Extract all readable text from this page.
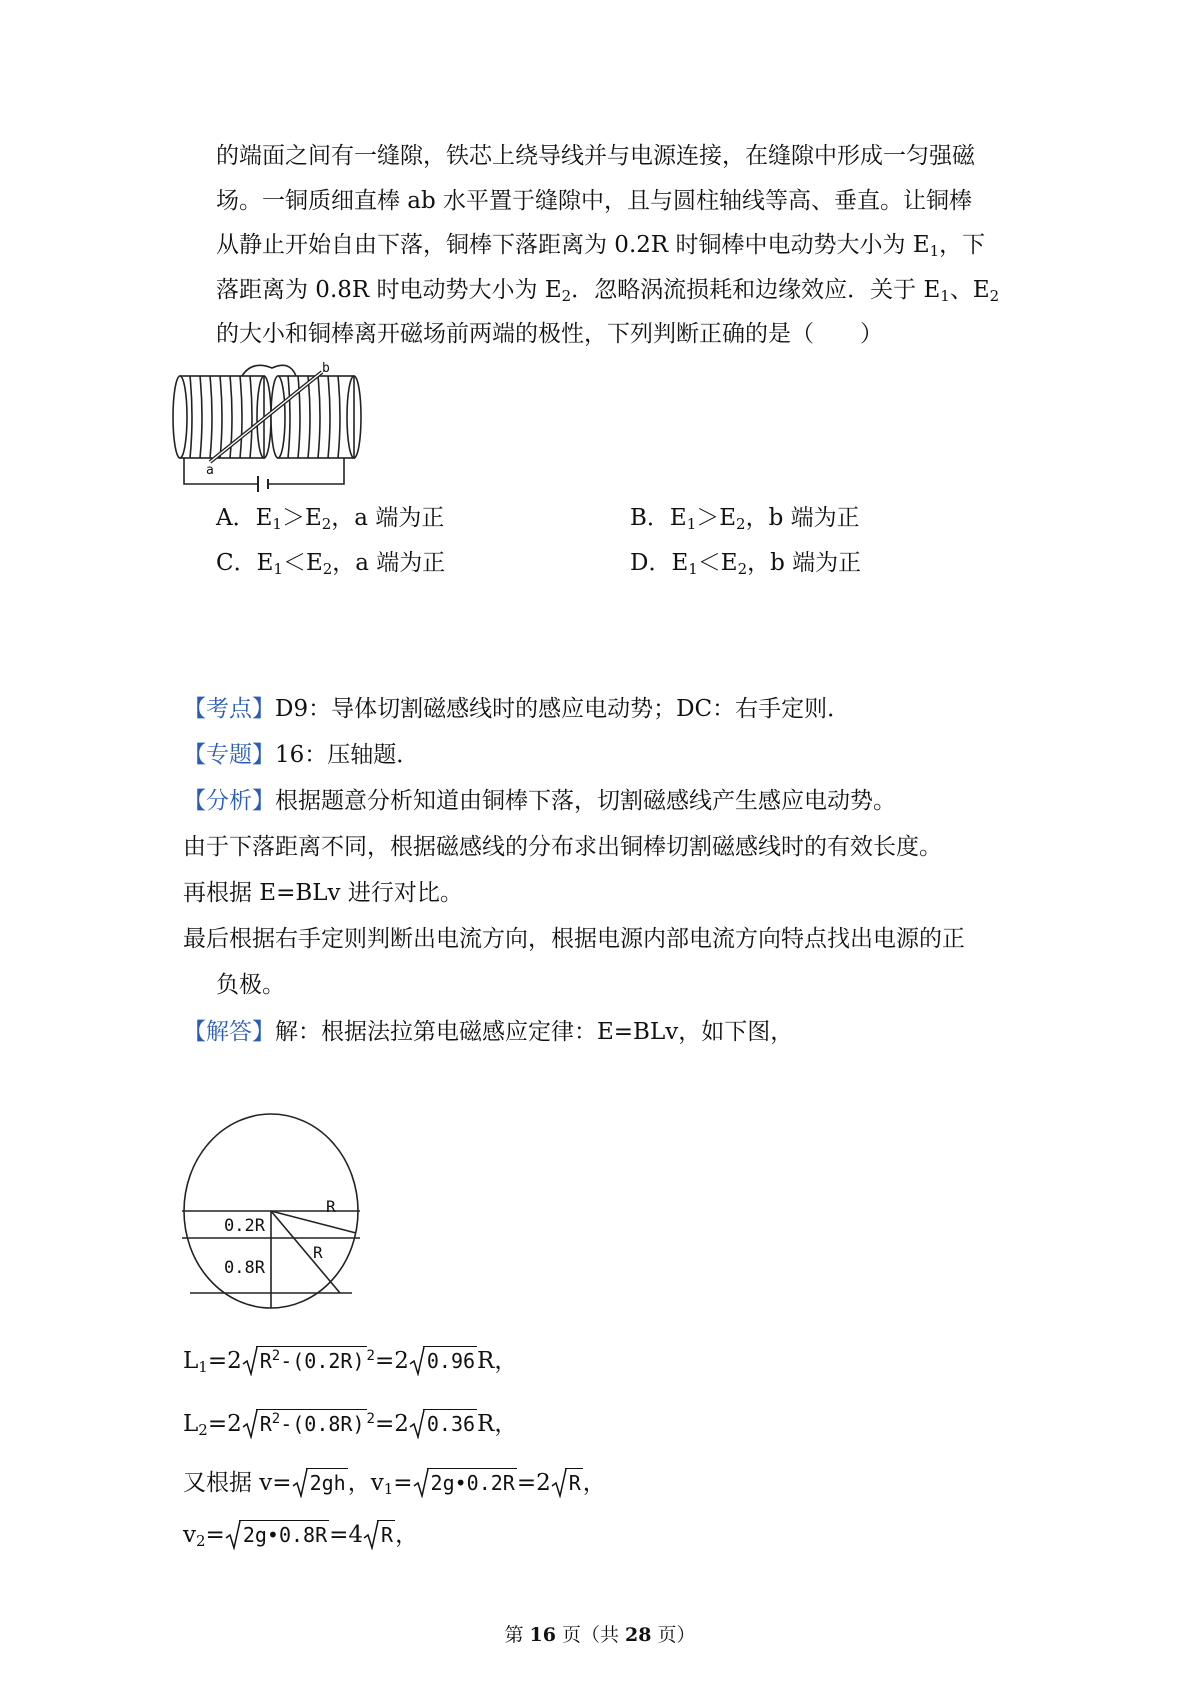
的端面之间有一缝隙，铁芯上绕导线并与电源连接，在缝隙中形成一匀强磁
场。一铜质细直棒 ab 水平置于缝隙中，且与圆柱轴线等高、垂直。让铜棒
从静止开始自由下落，铜棒下落距离为 0.2R 时铜棒中电动势大小为 $E_1$，下
落距离为 0.8R 时电动势大小为 $E_2$．忽略涡流损耗和边缘效应．关于 $E_1$、$E_2$
的大小和铜棒离开磁场前两端的极性，下列判断正确的是（　　）
a
b
A．$E_1>E_2$，a 端为正	B．$E_1>E_2$，b 端为正
C．$E_1<E_2$，a 端为正	D．$E_1<E_2$，b 端为正
【考点】D9：导体切割磁感线时的感应电动势；DC：右手定则．
【专题】16：压轴题．
【分析】根据题意分析知道由铜棒下落，切割磁感线产生感应电动势。
由于下落距离不同，根据磁感线的分布求出铜棒切割磁感线时的有效长度。
再根据 E=BLv 进行对比。
最后根据右手定则判断出电流方向，根据电源内部电流方向特点找出电源的正
负极。
【解答】解：根据法拉第电磁感应定律：E=BLv，如下图，
0.2R
0.8R
R
R
$L_1=2$ $R^2-(0.2R)$ $^2$=2 0.96R，
$L_2=2$ $R^2-(0.8R)$ $^2$=2 0.36R，
又根据 v= 2gh，$v_1=$ 2g•0.2R=2 R，
$v_2=$ 2g•0.8R=4 R，
第 16 页（共 28 页）
